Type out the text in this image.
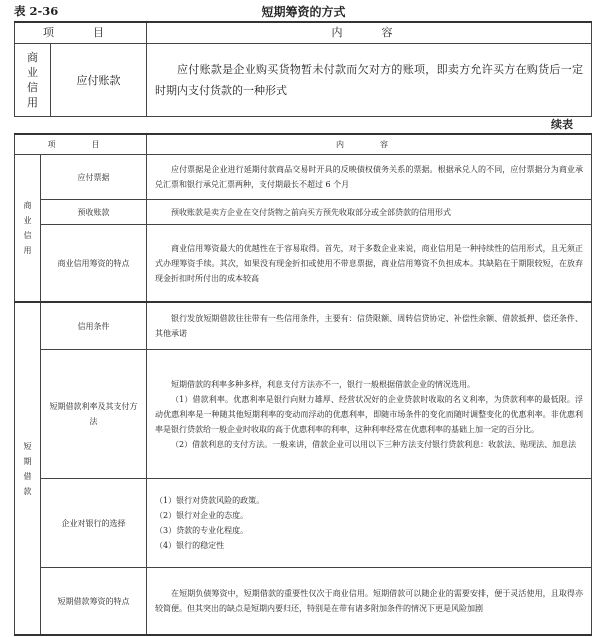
表 2-36	短期筹资的方式
项　目		内　容
商业信用	应付账款	应付账款是企业购买货物暂未付款而欠对方的账项，即卖方允许买方在购货后一定时期内支付货款的一种形式

续表
项　目		内　容
商业信用	应付票据	应付票据是企业进行延期付款商品交易时开具的反映债权债务关系的票据。根据承兑人的不同，应付票据分为商业承兑汇票和银行承兑汇票两种，支付期最长不超过 6 个月

	预收账款	预收账款是卖方企业在交付货物之前向买方预先收取部分或全部贷款的信用形式

	商业信用筹资的特点	商业信用筹资最大的优越性在于容易取得。首先，对于多数企业来说，商业信用是一种持续性的信用形式，且无须正式办理筹资手续。其次，如果没有现金折扣或使用不带息票据，商业信用筹资不负担成本。其缺陷在于期限较短，在放弃现金折扣时所付出的成本较高

短期借款	信用条件	银行发放短期借款往往带有一些信用条件，主要有：信贷限额、周转信贷协定、补偿性余额、借款抵押、偿还条件、其他承诺

	短期借款利率及其支付方法	短期借款的利率多种多样，利息支付方法亦不一，银行一般根据借款企业的情况选用。

（1）借款利率。优惠利率是银行向财力雄厚、经营状况好的企业贷款时收取的名义利率，为贷款利率的最低限。浮动优惠利率是一种随其他短期利率的变动而浮动的优惠利率，即随市场条件的变化而随时调整变化的优惠利率。非优惠利率是银行贷款给一般企业时收取的高于优惠利率的利率，这种利率经常在优惠利率的基础上加一定的百分比。

（2）借款利息的支付方法。一般来讲，借款企业可以用以下三种方法支付银行贷款利息：收款法、贴现法、加息法

	企业对银行的选择	（1）银行对贷款风险的政策。

（2）银行对企业的态度。

（3）贷款的专业化程度。

（4）银行的稳定性

	短期借款筹资的特点	在短期负债筹资中，短期借款的重要性仅次于商业信用。短期借款可以随企业的需要安排，便于灵活使用，且取得亦较简便。但其突出的缺点是短期内要归还，特别是在带有诸多附加条件的情况下更是风险加剧
